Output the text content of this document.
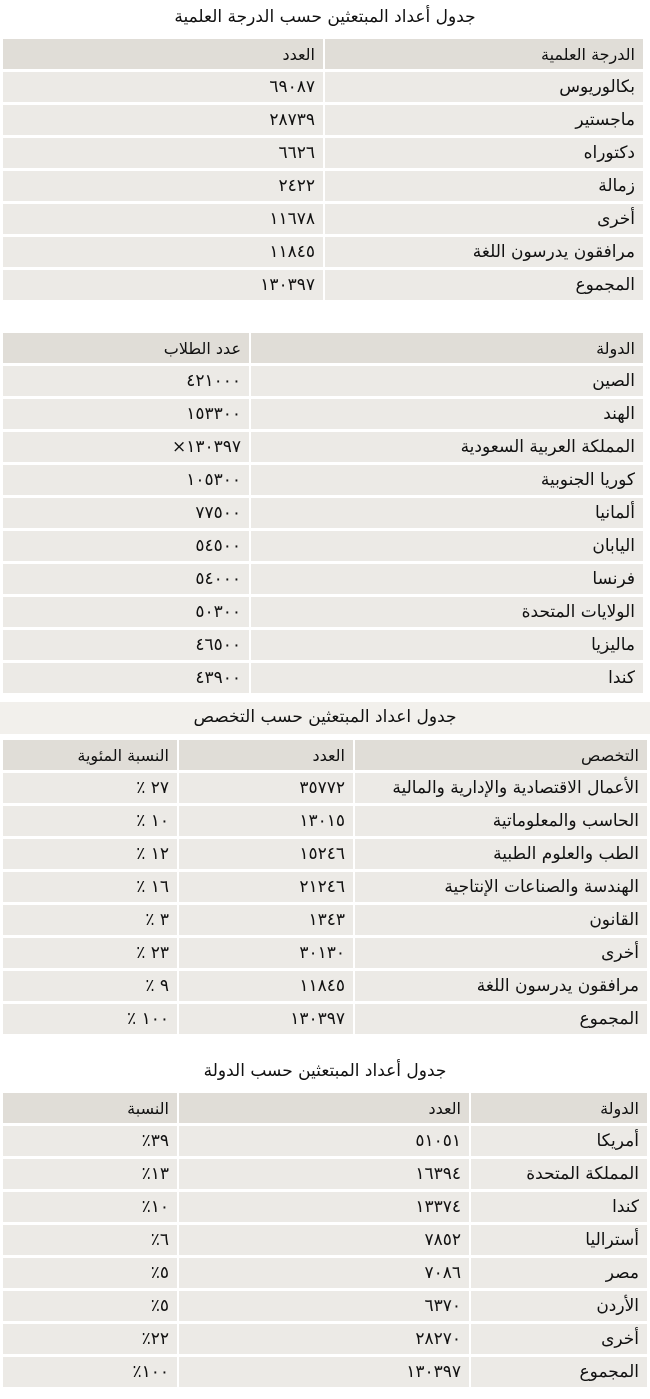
جدول أعداد المبتعثين حسب الدرجة العلمية
الدرجة العلمية	العدد
بكالوريوس	٦٩٠٨٧
ماجستير	٢٨٧٣٩
دكتوراه	٦٦٢٦
زمالة	٢٤٢٢
أخرى	١١٦٧٨
مرافقون يدرسون اللغة	١١٨٤٥
المجموع	١٣٠٣٩٧
الدولة	عدد الطلاب
الصين	٤٢١٠٠٠
الهند	١٥٣٣٠٠
المملكة العربية السعودية	١٣٠٣٩٧×
كوريا الجنوبية	١٠٥٣٠٠
ألمانيا	٧٧٥٠٠
اليابان	٥٤٥٠٠
فرنسا	٥٤٠٠٠
الولايات المتحدة	٥٠٣٠٠
ماليزيا	٤٦٥٠٠
كندا	٤٣٩٠٠
جدول اعداد المبتعثين حسب التخصص
التخصص	العدد	النسبة المئوية
الأعمال الاقتصادية والإدارية والمالية	٣٥٧٧٢	٢٧ ٪
الحاسب والمعلوماتية	١٣٠١٥	١٠ ٪
الطب والعلوم الطبية	١٥٢٤٦	١٢ ٪
الهندسة والصناعات الإنتاجية	٢١٢٤٦	١٦ ٪
القانون	١٣٤٣	٣ ٪
أخرى	٣٠١٣٠	٢٣ ٪
مرافقون يدرسون اللغة	١١٨٤٥	٩ ٪
المجموع	١٣٠٣٩٧	١٠٠ ٪
جدول أعداد المبتعثين حسب الدولة
الدولة	العدد	النسبة
أمريكا	٥١٠٥١	٣٩٪
المملكة المتحدة	١٦٣٩٤	١٣٪
كندا	١٣٣٧٤	١٠٪
أستراليا	٧٨٥٢	٦٪
مصر	٧٠٨٦	٥٪
الأردن	٦٣٧٠	٥٪
أخرى	٢٨٢٧٠	٢٢٪
المجموع	١٣٠٣٩٧	١٠٠٪
